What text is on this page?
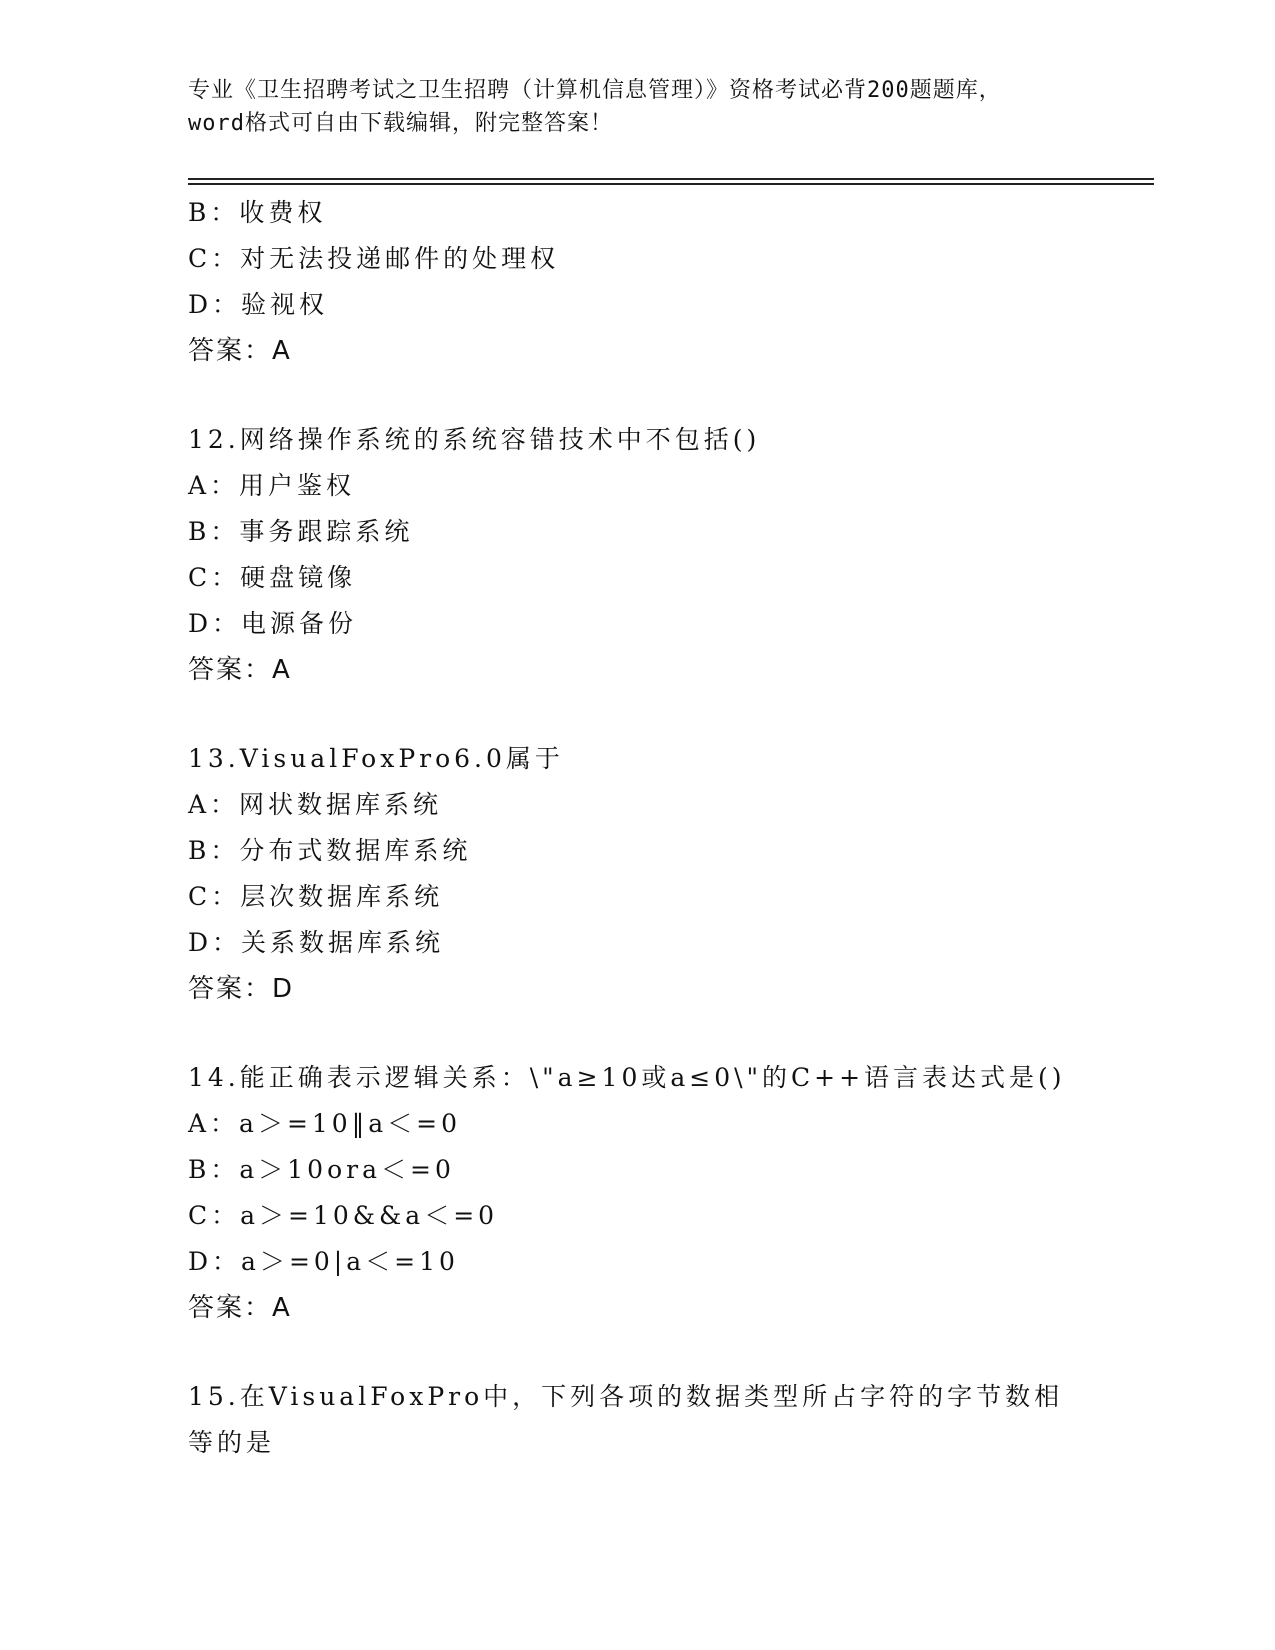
专业《卫生招聘考试之卫生招聘（计算机信息管理）》资格考试必背200题题库，
word格式可自由下载编辑，附完整答案！
B：收费权
C：对无法投递邮件的处理权
D：验视权
答案：A
12.网络操作系统的系统容错技术中不包括()
A：用户鉴权
B：事务跟踪系统
C：硬盘镜像
D：电源备份
答案：A
13.VisualFoxPro6.0属于
A：网状数据库系统
B：分布式数据库系统
C：层次数据库系统
D：关系数据库系统
答案：D
14.能正确表示逻辑关系：\"a≥10或a≤0\"的C++语言表达式是()
A：a＞=10‖a＜=0
B：a＞10ora＜=0
C：a＞=10&&a＜=0
D：a＞=0|a＜=10
答案：A
15.在VisualFoxPro中，下列各项的数据类型所占字符的字节数相等的是
